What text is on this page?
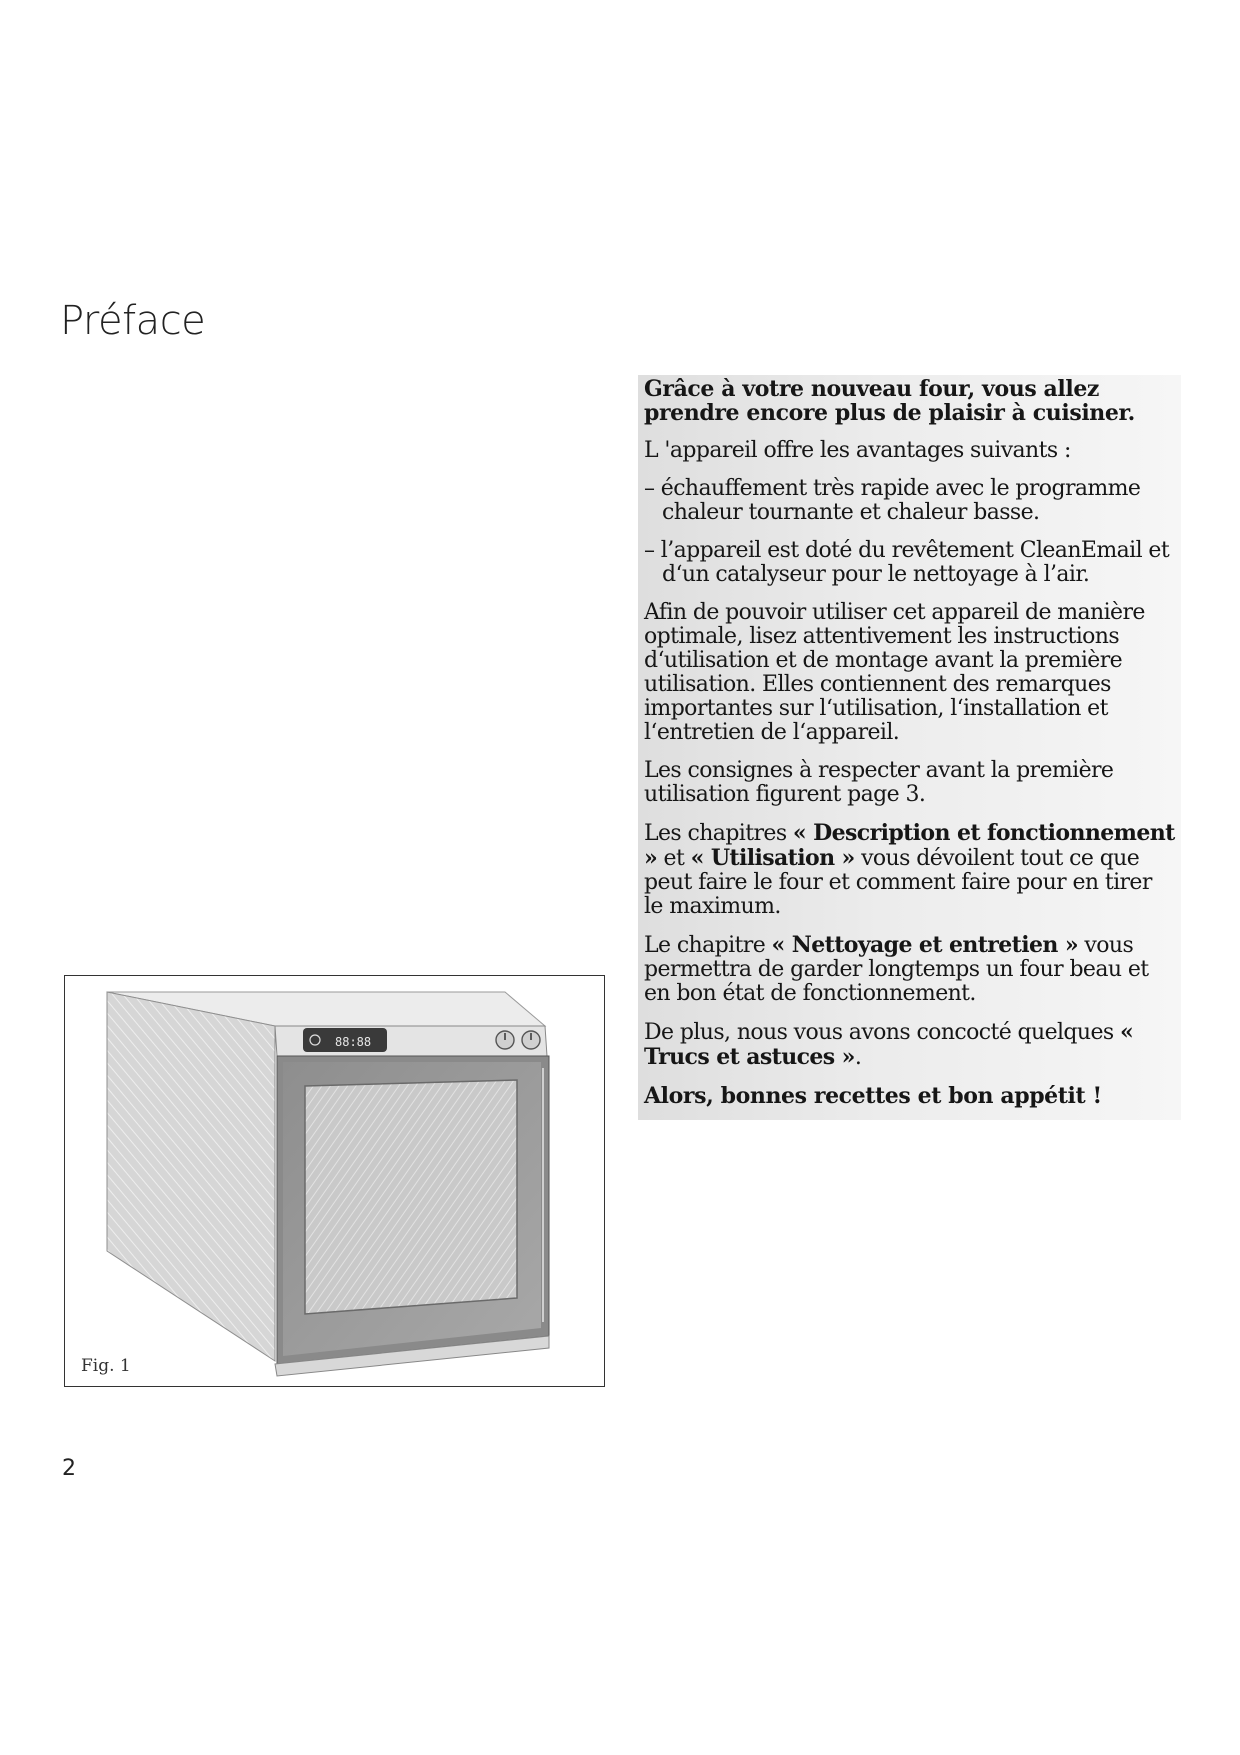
Préface

Grâce à votre nouveau four, vous allez prendre encore plus de plaisir à cuisiner.

L 'appareil offre les avantages suivants :

– échauffement très rapide avec le programme chaleur tournante et chaleur basse.

– l’appareil est doté du revêtement CleanEmail et d‘un catalyseur pour le nettoyage à l’air.

Afin de pouvoir utiliser cet appareil de manière optimale, lisez attentivement les instructions d‘utilisation et de montage avant la première utilisation. Elles contiennent des remarques importantes sur l‘utilisation, l‘installation et l‘entretien de l‘appareil.

Les consignes à respecter avant la première utilisation figurent page 3.

Les chapitres « Description et fonctionnement » et « Utilisation » vous dévoilent tout ce que peut faire le four et comment faire pour en tirer le maximum.

Le chapitre « Nettoyage et entretien » vous permettra de garder longtemps un four beau et en bon état de fonctionnement.

De plus, nous vous avons concocté quelques « Trucs et astuces ».

Alors, bonnes recettes et bon appétit !

88:88
Fig. 1
2
